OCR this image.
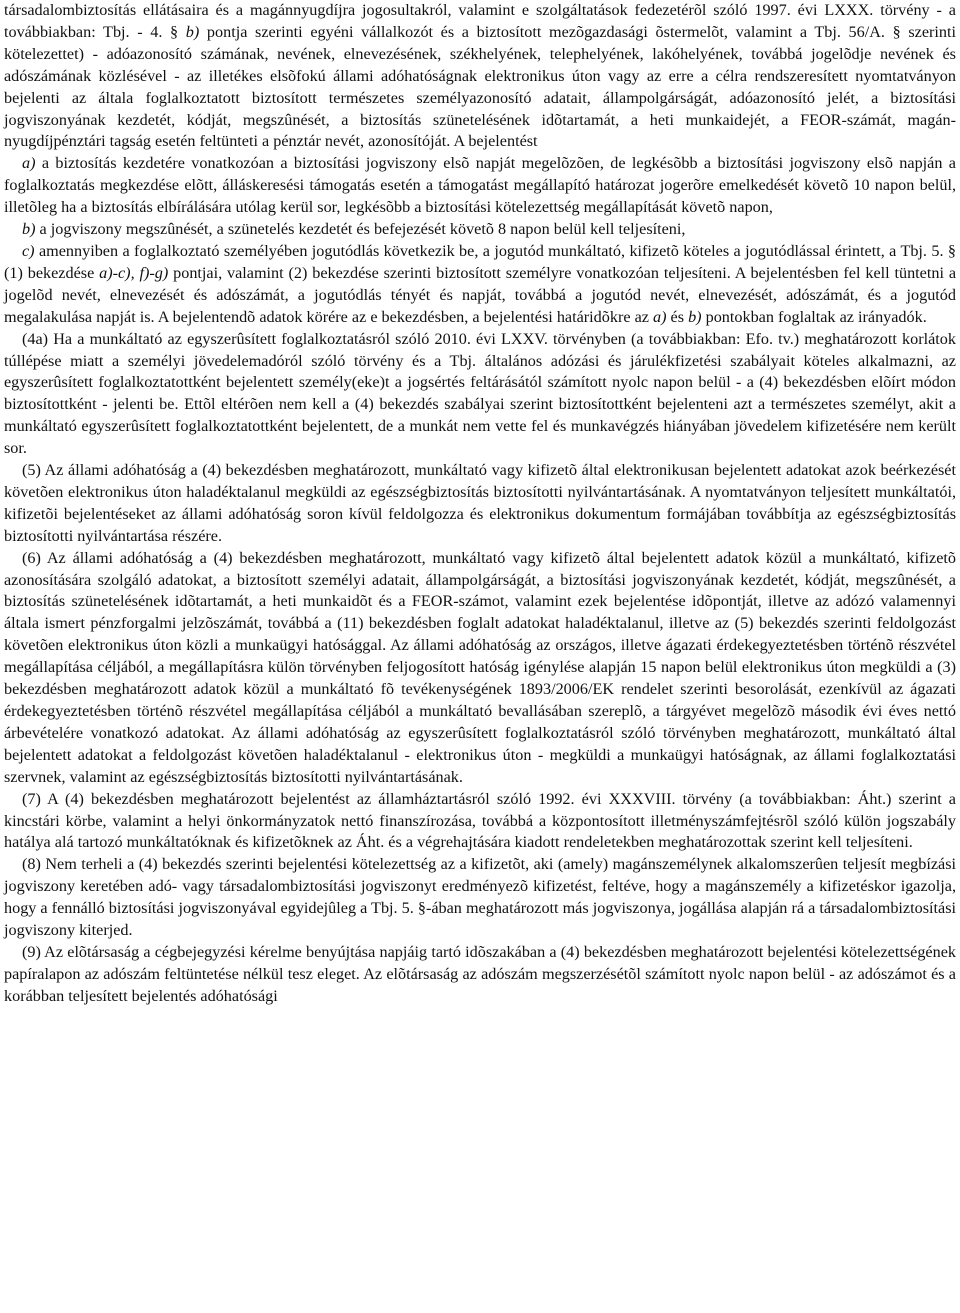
társadalombiztosítás ellátásaira és a magánnyugdíjra jogosultakról, valamint e szolgáltatások fedezetérõl szóló 1997. évi LXXX. törvény - a továbbiakban: Tbj. - 4. § b) pontja szerinti egyéni vállalkozót és a biztosított mezõgazdasági õstermelõt, valamint a Tbj. 56/A. § szerinti kötelezettet) - adóazonosító számának, nevének, elnevezésének, székhelyének, telephelyének, lakóhelyének, továbbá jogelõdje nevének és adószámának közlésével - az illetékes elsõfokú állami adóhatóságnak elektronikus úton vagy az erre a célra rendszeresített nyomtatványon bejelenti az általa foglalkoztatott biztosított természetes személyazonosító adatait, állampolgárságát, adóazonosító jelét, a biztosítási jogviszonyának kezdetét, kódját, megszûnését, a biztosítás szünetelésének idõtartamát, a heti munkaidejét, a FEOR-számát, magán-nyugdíjpénztári tagság esetén feltünteti a pénztár nevét, azonosítóját. A bejelentést

a) a biztosítás kezdetére vonatkozóan a biztosítási jogviszony elsõ napját megelõzõen, de legkésõbb a biztosítási jogviszony elsõ napján a foglalkoztatás megkezdése elõtt, álláskeresési támogatás esetén a támogatást megállapító határozat jogerõre emelkedését követõ 10 napon belül, illetõleg ha a biztosítás elbírálására utólag kerül sor, legkésõbb a biztosítási kötelezettség megállapítását követõ napon,

b) a jogviszony megszûnését, a szünetelés kezdetét és befejezését követõ 8 napon belül kell teljesíteni,

c) amennyiben a foglalkoztató személyében jogutódlás következik be, a jogutód munkáltató, kifizetõ köteles a jogutódlással érintett, a Tbj. 5. § (1) bekezdése a)-c), f)-g) pontjai, valamint (2) bekezdése szerinti biztosított személyre vonatkozóan teljesíteni. A bejelentésben fel kell tüntetni a jogelõd nevét, elnevezését és adószámát, a jogutódlás tényét és napját, továbbá a jogutód nevét, elnevezését, adószámát, és a jogutód megalakulása napját is. A bejelentendõ adatok körére az e bekezdésben, a bejelentési határidõkre az a) és b) pontokban foglaltak az irányadók.

(4a) Ha a munkáltató az egyszerûsített foglalkoztatásról szóló 2010. évi LXXV. törvényben (a továbbiakban: Efo. tv.) meghatározott korlátok túllépése miatt a személyi jövedelemadóról szóló törvény és a Tbj. általános adózási és járulékfizetési szabályait köteles alkalmazni, az egyszerûsített foglalkoztatottként bejelentett személy(eke)t a jogsértés feltárásától számított nyolc napon belül - a (4) bekezdésben elõírt módon biztosítottként - jelenti be. Ettõl eltérõen nem kell a (4) bekezdés szabályai szerint biztosítottként bejelenteni azt a természetes személyt, akit a munkáltató egyszerûsített foglalkoztatottként bejelentett, de a munkát nem vette fel és munkavégzés hiányában jövedelem kifizetésére nem került sor.

(5) Az állami adóhatóság a (4) bekezdésben meghatározott, munkáltató vagy kifizetõ által elektronikusan bejelentett adatokat azok beérkezését követõen elektronikus úton haladéktalanul megküldi az egészségbiztosítás biztosítotti nyilvántartásának. A nyomtatványon teljesített munkáltatói, kifizetõi bejelentéseket az állami adóhatóság soron kívül feldolgozza és elektronikus dokumentum formájában továbbítja az egészségbiztosítás biztosítotti nyilvántartása részére.

(6) Az állami adóhatóság a (4) bekezdésben meghatározott, munkáltató vagy kifizetõ által bejelentett adatok közül a munkáltató, kifizetõ azonosítására szolgáló adatokat, a biztosított személyi adatait, állampolgárságát, a biztosítási jogviszonyának kezdetét, kódját, megszûnését, a biztosítás szünetelésének idõtartamát, a heti munkaidõt és a FEOR-számot, valamint ezek bejelentése idõpontját, illetve az adózó valamennyi általa ismert pénzforgalmi jelzõszámát, továbbá a (11) bekezdésben foglalt adatokat haladéktalanul, illetve az (5) bekezdés szerinti feldolgozást követõen elektronikus úton közli a munkaügyi hatósággal. Az állami adóhatóság az országos, illetve ágazati érdekegyeztetésben történõ részvétel megállapítása céljából, a megállapításra külön törvényben feljogosított hatóság igénylése alapján 15 napon belül elektronikus úton megküldi a (3) bekezdésben meghatározott adatok közül a munkáltató fõ tevékenységének 1893/2006/EK rendelet szerinti besorolását, ezenkívül az ágazati érdekegyeztetésben történõ részvétel megállapítása céljából a munkáltató bevallásában szereplõ, a tárgyévet megelõzõ második évi éves nettó árbevételére vonatkozó adatokat. Az állami adóhatóság az egyszerûsített foglalkoztatásról szóló törvényben meghatározott, munkáltató által bejelentett adatokat a feldolgozást követõen haladéktalanul - elektronikus úton - megküldi a munkaügyi hatóságnak, az állami foglalkoztatási szervnek, valamint az egészségbiztosítás biztosítotti nyilvántartásának.

(7) A (4) bekezdésben meghatározott bejelentést az államháztartásról szóló 1992. évi XXXVIII. törvény (a továbbiakban: Áht.) szerint a kincstári körbe, valamint a helyi önkormányzatok nettó finanszírozása, továbbá a központosított illetményszámfejtésrõl szóló külön jogszabály hatálya alá tartozó munkáltatóknak és kifizetõknek az Áht. és a végrehajtására kiadott rendeletekben meghatározottak szerint kell teljesíteni.

(8) Nem terheli a (4) bekezdés szerinti bejelentési kötelezettség az a kifizetõt, aki (amely) magánszemélynek alkalomszerûen teljesít megbízási jogviszony keretében adó- vagy társadalombiztosítási jogviszonyt eredményezõ kifizetést, feltéve, hogy a magánszemély a kifizetéskor igazolja, hogy a fennálló biztosítási jogviszonyával egyidejûleg a Tbj. 5. §-ában meghatározott más jogviszonya, jogállása alapján rá a társadalombiztosítási jogviszony kiterjed.

(9) Az elõtársaság a cégbejegyzési kérelme benyújtása napjáig tartó idõszakában a (4) bekezdésben meghatározott bejelentési kötelezettségének papíralapon az adószám feltüntetése nélkül tesz eleget. Az elõtársaság az adószám megszerzésétõl számított nyolc napon belül - az adószámot és a korábban teljesített bejelentés adóhatósági
